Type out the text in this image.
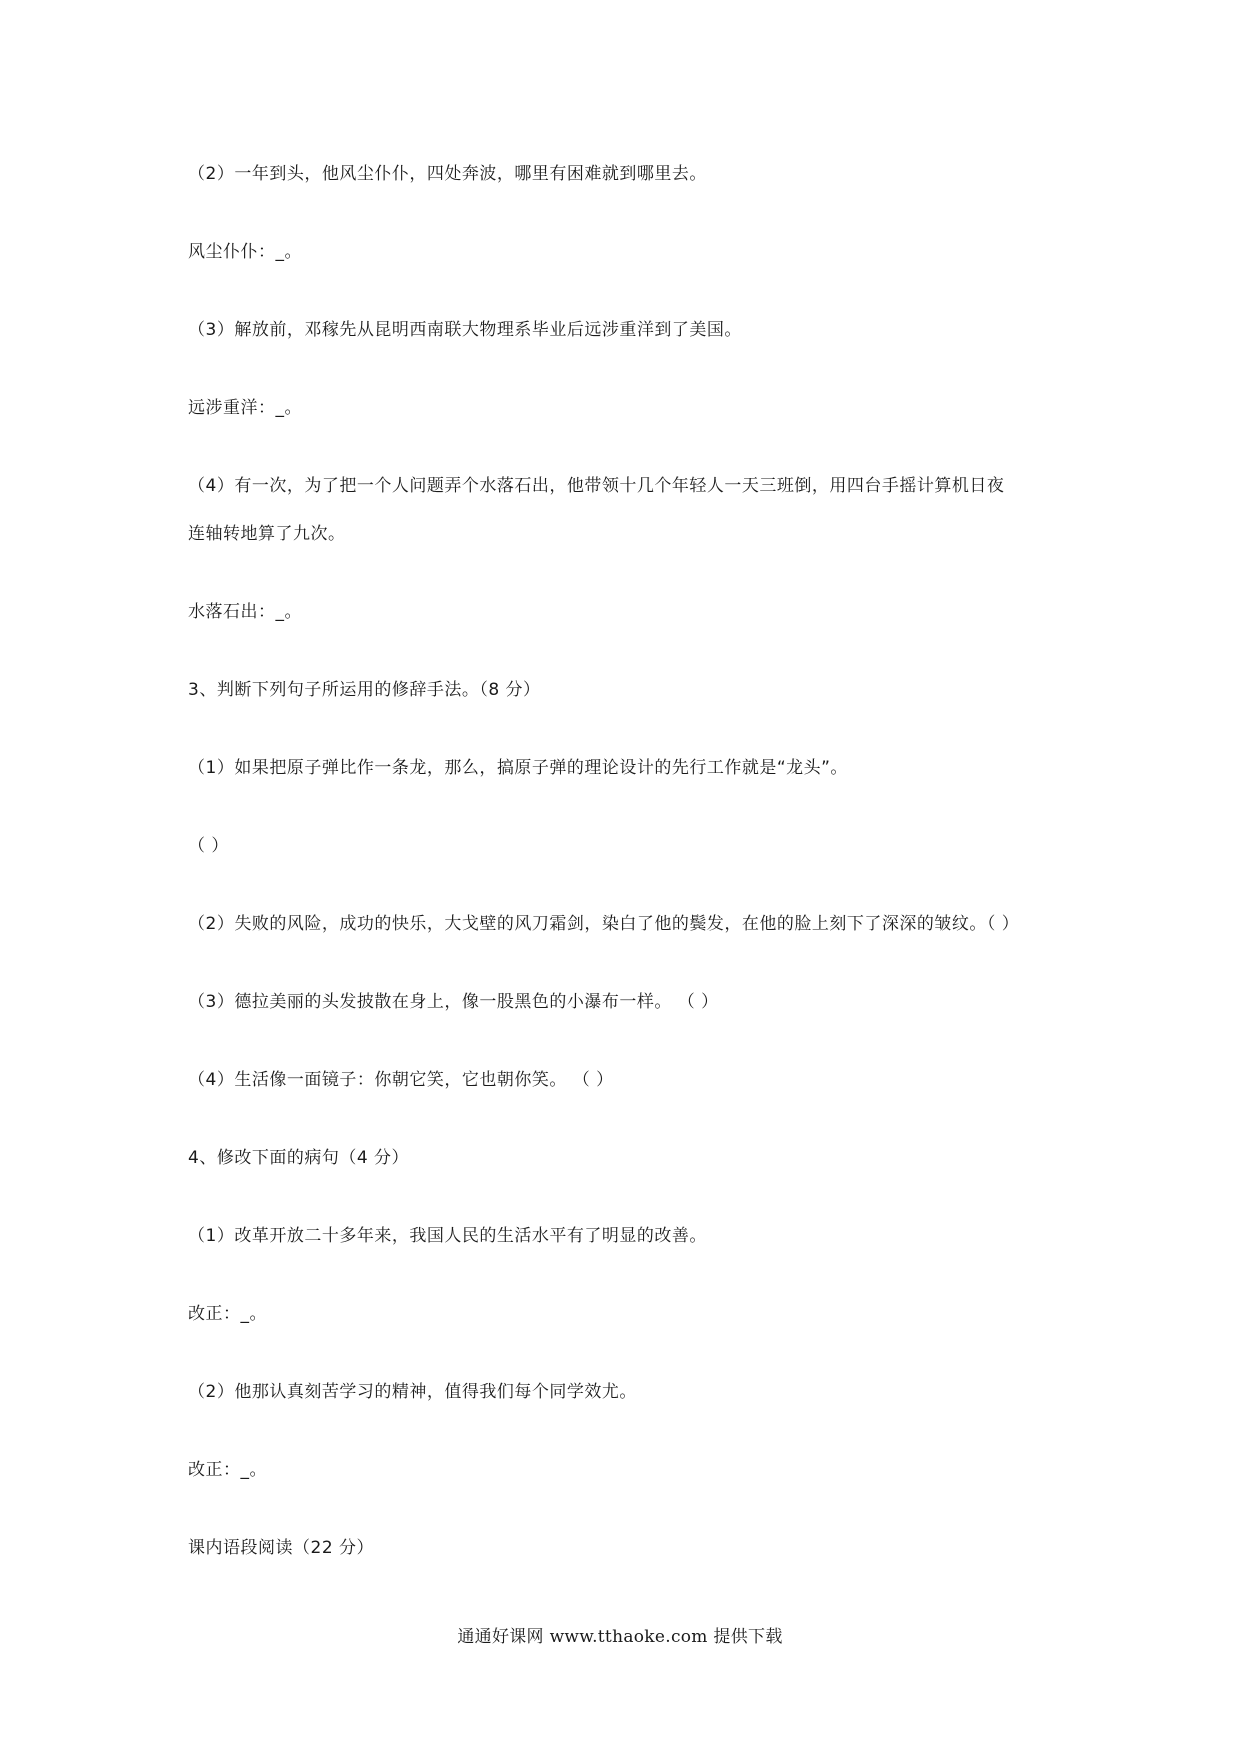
（2）一年到头，他风尘仆仆，四处奔波，哪里有困难就到哪里去。
风尘仆仆：_。
（3）解放前，邓稼先从昆明西南联大物理系毕业后远涉重洋到了美国。
远涉重洋：_。
（4）有一次，为了把一个人问题弄个水落石出，他带领十几个年轻人一天三班倒，用四台手摇计算机日夜
连轴转地算了九次。
水落石出：_。
3、判断下列句子所运用的修辞手法。（8 分）
（1）如果把原子弹比作一条龙，那么，搞原子弹的理论设计的先行工作就是“龙头”。
（ ）
（2）失败的风险，成功的快乐，大戈壁的风刀霜剑，染白了他的鬓发，在他的脸上刻下了深深的皱纹。（ ）
（3）德拉美丽的头发披散在身上，像一股黑色的小瀑布一样。 （ ）
（4）生活像一面镜子：你朝它笑，它也朝你笑。 （ ）
4、修改下面的病句（4 分）
（1）改革开放二十多年来，我国人民的生活水平有了明显的改善。
改正：_。
（2）他那认真刻苦学习的精神，值得我们每个同学效尤。
改正：_。
课内语段阅读（22 分）
通通好课网 www.tthaoke.com 提供下载
